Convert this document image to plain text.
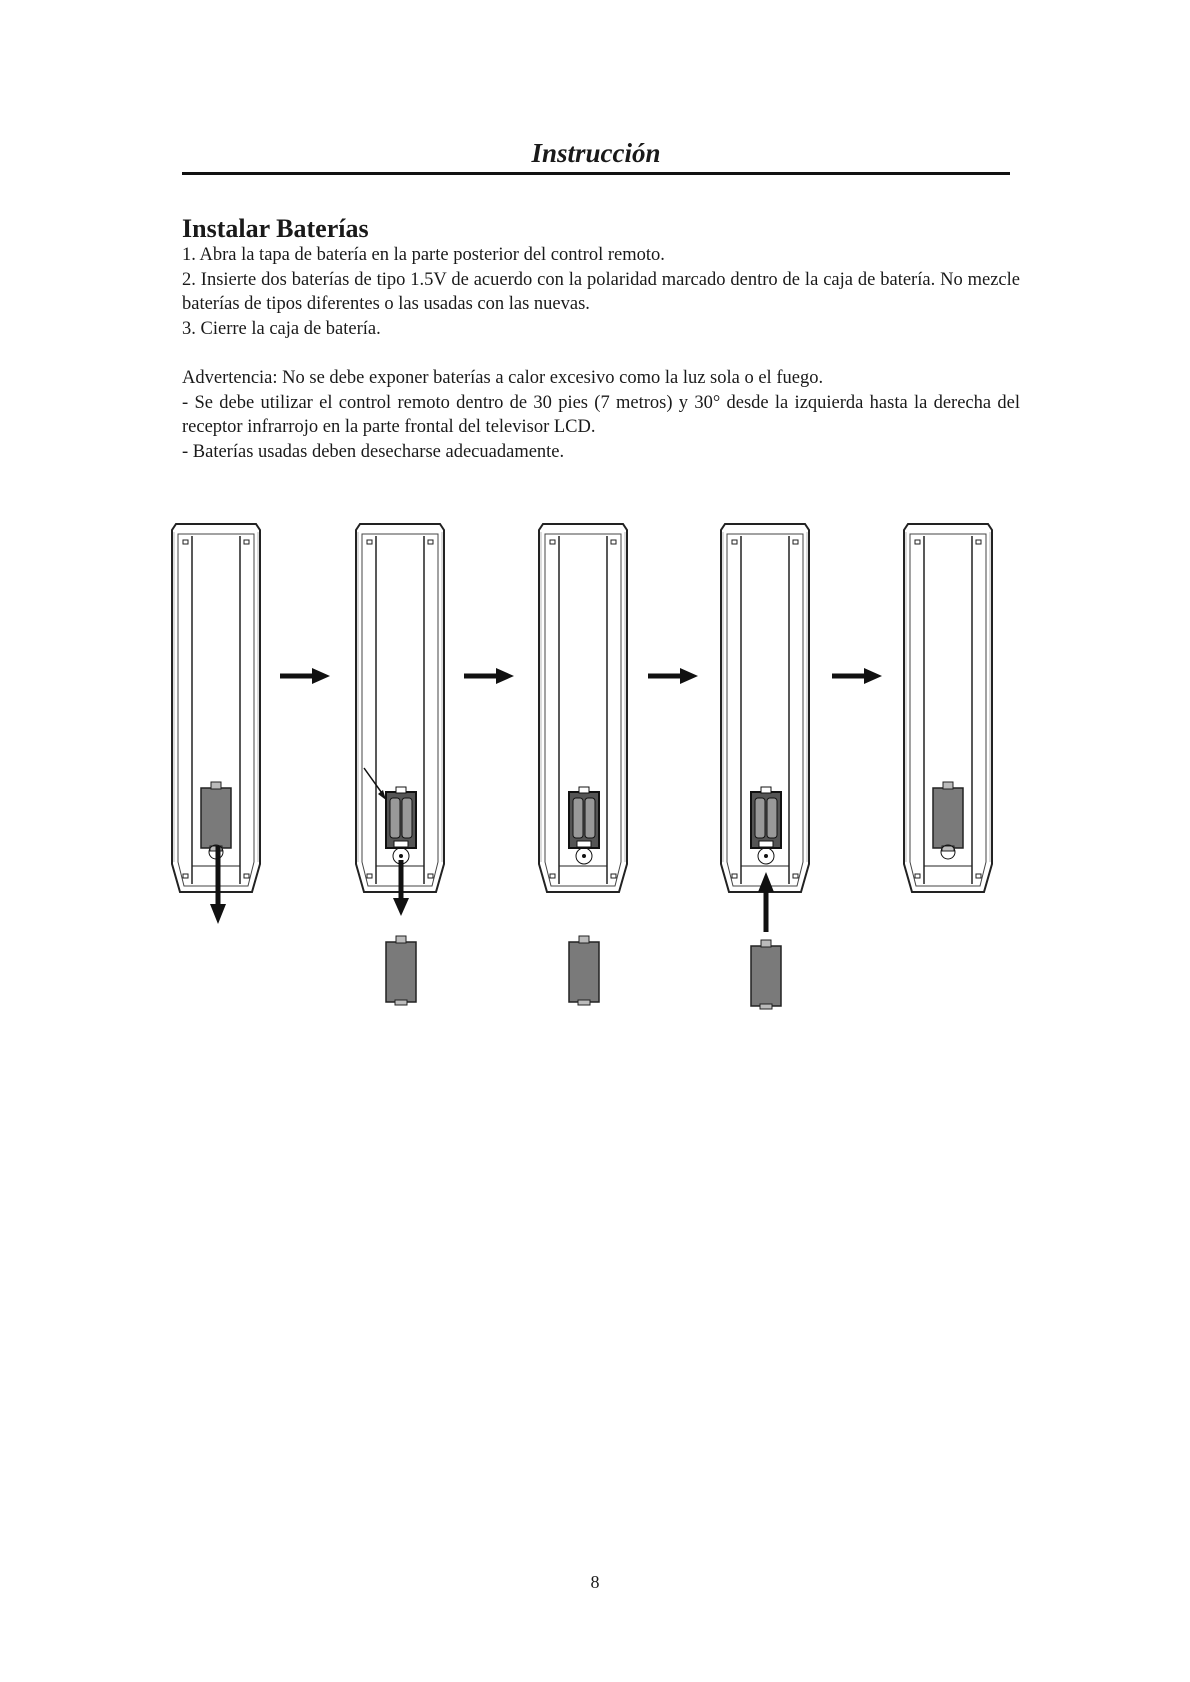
Instrucción
Instalar Baterías

1. Abra la tapa de batería en la parte posterior del control remoto.

2. Insierte dos baterías de tipo 1.5V de acuerdo con la polaridad marcado dentro de la caja de batería. No mezcle baterías de tipos diferentes o las usadas con las nuevas.

3. Cierre la caja de batería.

Advertencia: No se debe exponer baterías a calor excesivo como la luz sola o el fuego.

- Se debe utilizar el control remoto dentro de 30 pies (7 metros) y 30° desde la izquierda hasta la derecha del receptor infrarrojo en la parte frontal del televisor LCD.

- Baterías usadas deben desecharse adecuadamente.

8
